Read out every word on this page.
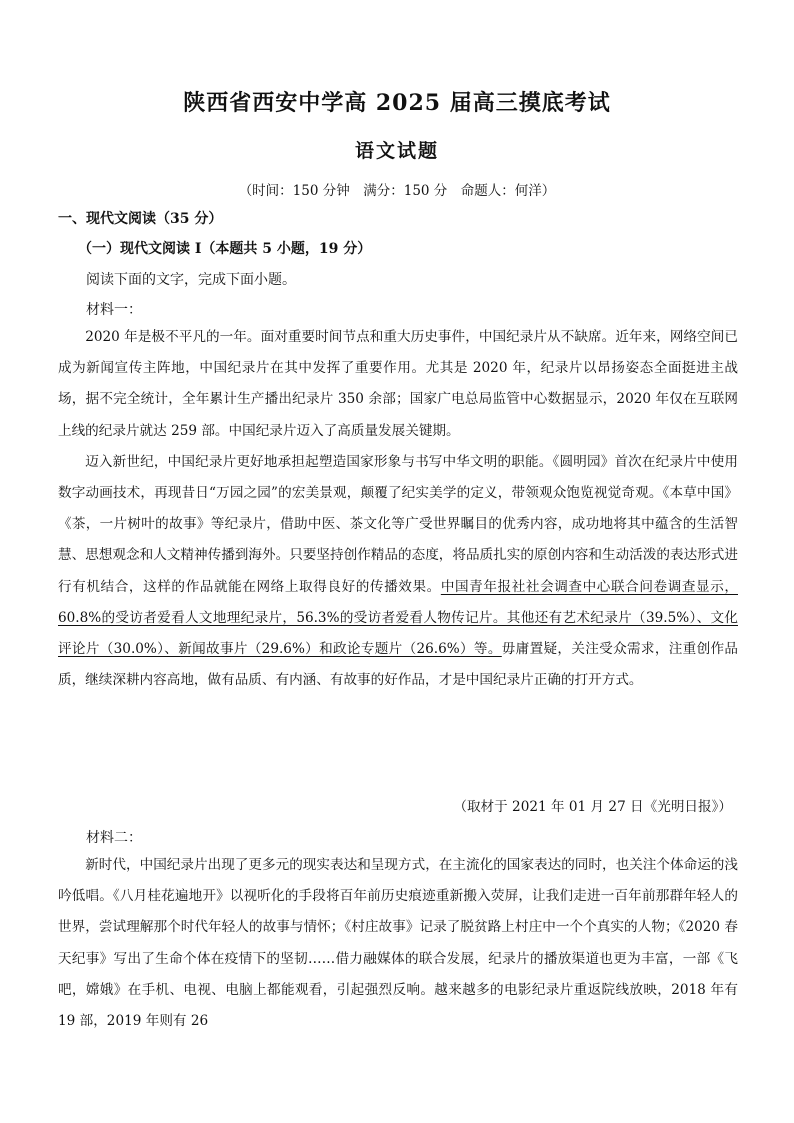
陕西省西安中学高 2025 届高三摸底考试
语文试题
（时间：150 分钟　满分：150 分　命题人：何洋）
一、现代文阅读（35 分）
（一）现代文阅读 I（本题共 5 小题，19 分）
阅读下面的文字，完成下面小题。
材料一：
2020 年是极不平凡的一年。面对重要时间节点和重大历史事件，中国纪录片从不缺席。近年来，网络空间已成为新闻宣传主阵地，中国纪录片在其中发挥了重要作用。尤其是 2020 年，纪录片以昂扬姿态全面挺进主战场，据不完全统计，全年累计生产播出纪录片 350 余部；国家广电总局监管中心数据显示，2020 年仅在互联网上线的纪录片就达 259 部。中国纪录片迈入了高质量发展关键期。
迈入新世纪，中国纪录片更好地承担起塑造国家形象与书写中华文明的职能。《圆明园》首次在纪录片中使用数字动画技术，再现昔日“万园之园”的宏美景观，颠覆了纪实美学的定义，带领观众饱览视觉奇观。《本草中国》《茶，一片树叶的故事》等纪录片，借助中医、茶文化等广受世界瞩目的优秀内容，成功地将其中蕴含的生活智慧、思想观念和人文精神传播到海外。只要坚持创作精品的态度，将品质扎实的原创内容和生动活泼的表达形式进行有机结合，这样的作品就能在网络上取得良好的传播效果。中国青年报社社会调查中心联合问卷调查显示，60.8%的受访者爱看人文地理纪录片，56.3%的受访者爱看人物传记片。其他还有艺术纪录片（39.5%）、文化评论片（30.0%）、新闻故事片（29.6%）和政论专题片（26.6%）等。毋庸置疑，关注受众需求，注重创作品质，继续深耕内容高地，做有品质、有内涵、有故事的好作品，才是中国纪录片正确的打开方式。
（取材于 2021 年 01 月 27 日《光明日报》）
材料二：
新时代，中国纪录片出现了更多元的现实表达和呈现方式，在主流化的国家表达的同时，也关注个体命运的浅吟低唱。《八月桂花遍地开》以视听化的手段将百年前历史痕迹重新搬入荧屏，让我们走进一百年前那群年轻人的世界，尝试理解那个时代年轻人的故事与情怀；《村庄故事》记录了脱贫路上村庄中一个个真实的人物；《2020 春天纪事》写出了生命个体在疫情下的坚韧……借力融媒体的联合发展，纪录片的播放渠道也更为丰富，一部《飞吧，嫦娥》在手机、电视、电脑上都能观看，引起强烈反响。越来越多的电影纪录片重返院线放映，2018 年有 19 部，2019 年则有 26
